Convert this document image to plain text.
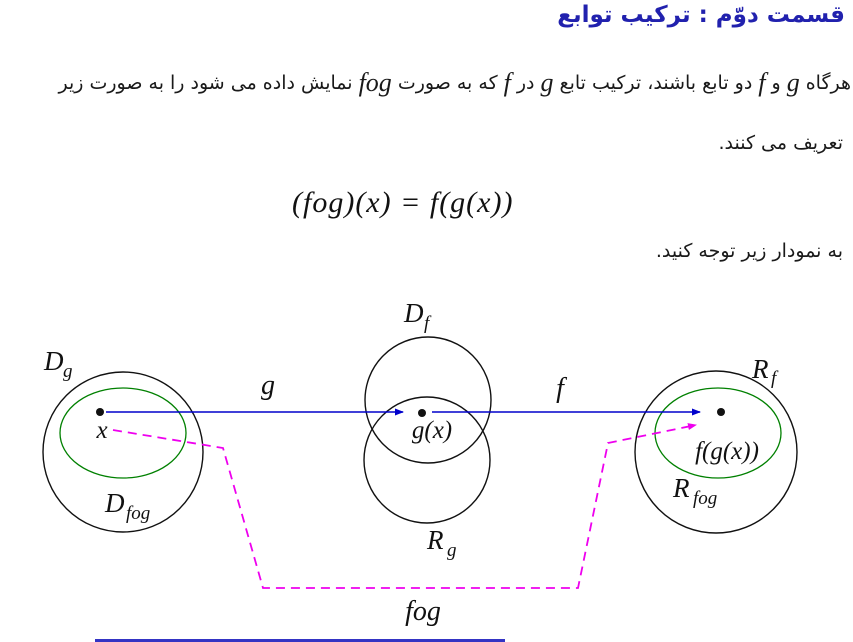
قسمت دوّم : ترکیب توابع
هرگاهgوfدو تابع باشند، ترکیب تابعgدرfکه به صورتfogنمایش داده می شود را به صورت زیر
تعریف می کنند.
(fog)(x) = f(g(x))
به نمودار زیر توجه کنید.
D g
D f
R g
R f
D fog
R fog
x	g(x)
f(g(x))
g	f
fog
